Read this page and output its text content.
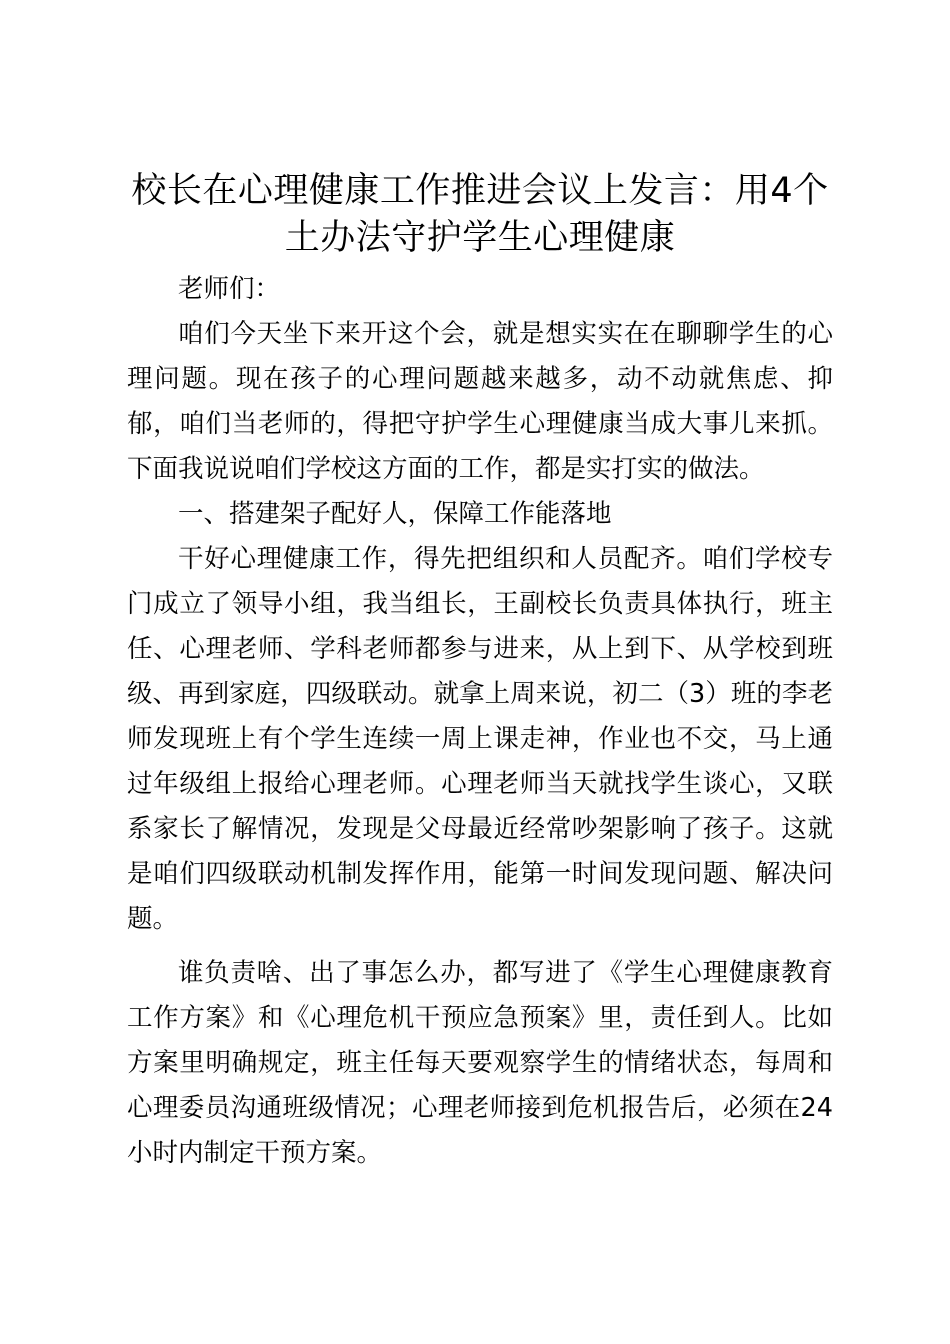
校长在心理健康工作推进会议上发言：用4个土办法守护学生心理健康

老师们：

咱们今天坐下来开这个会，就是想实实在在聊聊学生的心理问题。现在孩子的心理问题越来越多，动不动就焦虑、抑郁，咱们当老师的，得把守护学生心理健康当成大事儿来抓。下面我说说咱们学校这方面的工作，都是实打实的做法。

一、搭建架子配好人，保障工作能落地

干好心理健康工作，得先把组织和人员配齐。咱们学校专门成立了领导小组，我当组长，王副校长负责具体执行，班主任、心理老师、学科老师都参与进来，从上到下、从学校到班级、再到家庭，四级联动。就拿上周来说，初二（3）班的李老师发现班上有个学生连续一周上课走神，作业也不交，马上通过年级组上报给心理老师。心理老师当天就找学生谈心，又联系家长了解情况，发现是父母最近经常吵架影响了孩子。这就是咱们四级联动机制发挥作用，能第一时间发现问题、解决问题。

谁负责啥、出了事怎么办，都写进了《学生心理健康教育工作方案》和《心理危机干预应急预案》里，责任到人。比如方案里明确规定，班主任每天要观察学生的情绪状态，每周和心理委员沟通班级情况；心理老师接到危机报告后，必须在24小时内制定干预方案。
